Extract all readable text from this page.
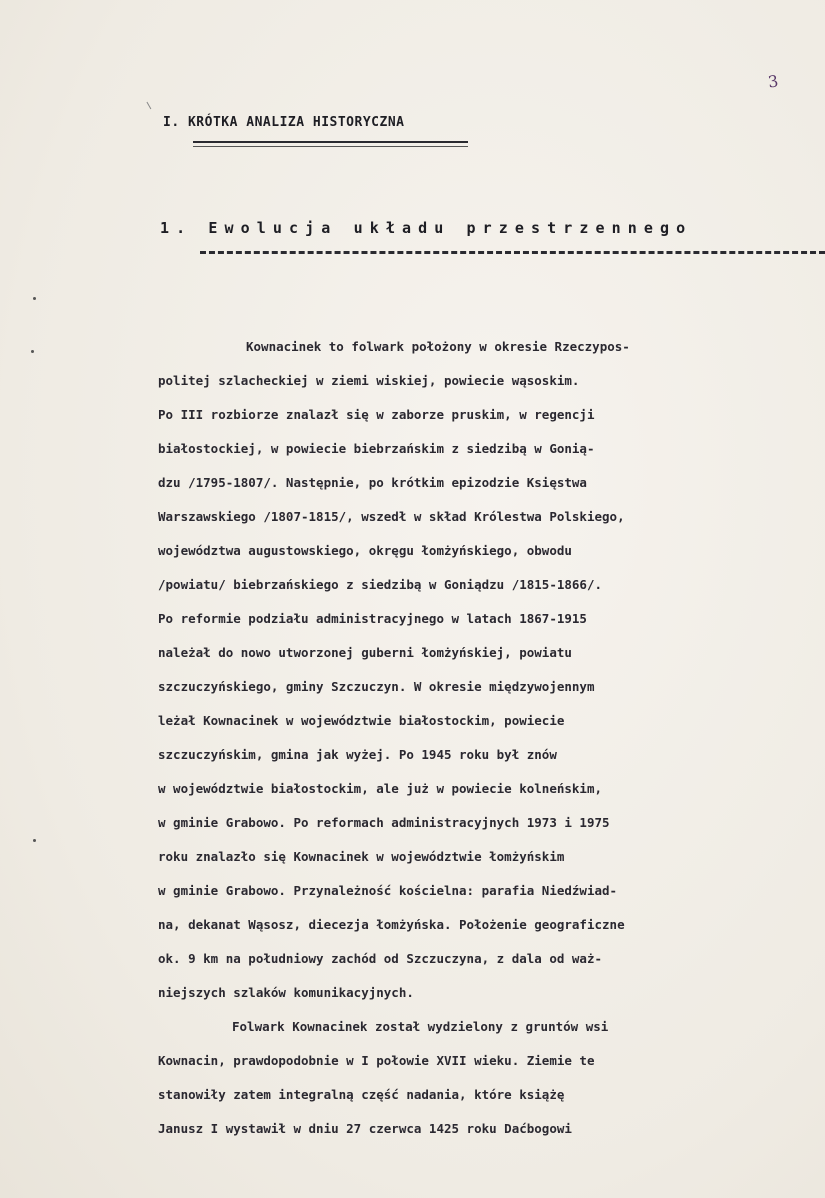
3
I. KRÓTKA ANALIZA HISTORYCZNA
1. Ewolucja układu przestrzennego
Kownacinek to folwark położony w okresie Rzeczypos-
politej szlacheckiej w ziemi wiskiej, powiecie wąsoskim.
Po III rozbiorze znalazł się w zaborze pruskim, w regencji
białostockiej, w powiecie biebrzańskim z siedzibą w Gonią-
dzu /1795-1807/. Następnie, po krótkim epizodzie Księstwa
Warszawskiego /1807-1815/, wszedł w skład Królestwa Polskiego,
województwa augustowskiego, okręgu łomżyńskiego, obwodu
/powiatu/ biebrzańskiego z siedzibą w Goniądzu /1815-1866/.
Po reformie podziału administracyjnego w latach 1867-1915
należał do nowo utworzonej guberni łomżyńskiej, powiatu
szczuczyńskiego, gminy Szczuczyn. W okresie międzywojennym
leżał Kownacinek w województwie białostockim, powiecie
szczuczyńskim, gmina jak wyżej. Po 1945 roku był znów
w województwie białostockim, ale już w powiecie kolneńskim,
w gminie Grabowo. Po reformach administracyjnych 1973 i 1975
roku znalazło się Kownacinek w województwie łomżyńskim
w gminie Grabowo. Przynależność kościelna: parafia Niedźwiad-
na, dekanat Wąsosz, diecezja łomżyńska. Położenie geograficzne
ok. 9 km na południowy zachód od Szczuczyna, z dala od waż-
niejszych szlaków komunikacyjnych.
Folwark Kownacinek został wydzielony z gruntów wsi
Kownacin, prawdopodobnie w I połowie XVII wieku. Ziemie te
stanowiły zatem integralną część nadania, które książę
Janusz I wystawił w dniu 27 czerwca 1425 roku Daćbogowi
